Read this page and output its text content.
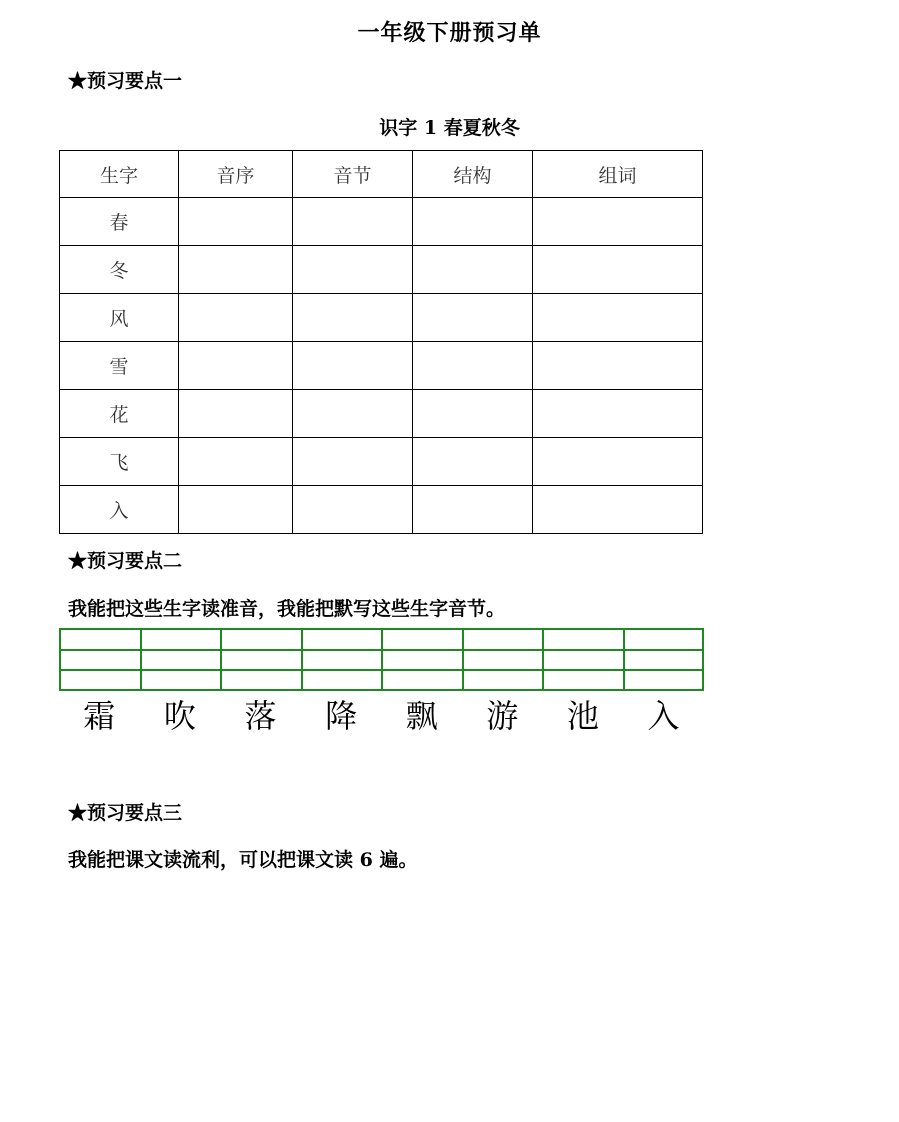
一年级下册预习单
★预习要点一
识字 1 春夏秋冬
生字	音序	音节	结构	组词
春				
冬				
风				
雪				
花				
飞				
入				
★预习要点二
我能把这些生字读准音，我能把默写这些生字音节。
霜	吹	落	降	飘	游	池	入
★预习要点三
我能把课文读流利，可以把课文读 6 遍。
